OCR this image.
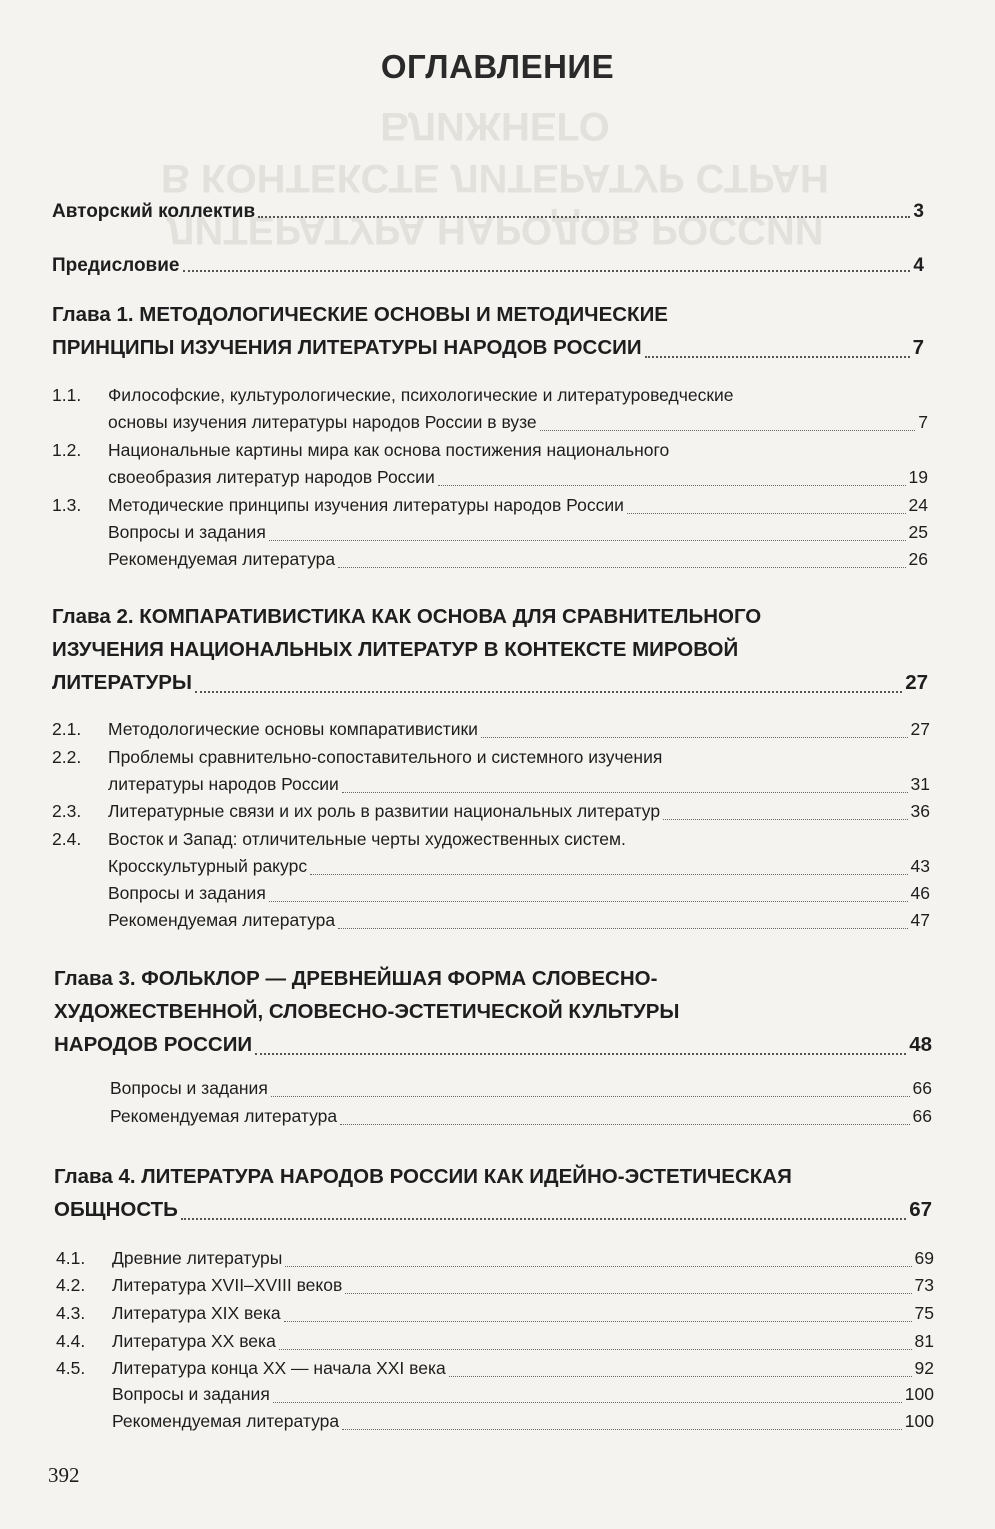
ЛИТЕРАТУРА НАРОДОВ РОССИИ
В КОНТЕКСТЕ ЛИТЕРАТУР СТРАН БЛИЖНЕГО
ОГЛАВЛЕНИЕ
Авторский коллектив	3
Предисловие	4
Глава 1. МЕТОДОЛОГИЧЕСКИЕ ОСНОВЫ И МЕТОДИЧЕСКИЕ
ПРИНЦИПЫ ИЗУЧЕНИЯ ЛИТЕРАТУРЫ НАРОДОВ РОССИИ	7
1.1. Философские, культурологические, психологические и литературоведческие
основы изучения литературы народов России в вузе	7
1.2. Национальные картины мира как основа постижения национального
своеобразия литератур народов России	19
1.3. Методические принципы изучения литературы народов России	24
Вопросы и задания	25
Рекомендуемая литература	26
Глава 2. КОМПАРАТИВИСТИКА КАК ОСНОВА ДЛЯ СРАВНИТЕЛЬНОГО
ИЗУЧЕНИЯ НАЦИОНАЛЬНЫХ ЛИТЕРАТУР В КОНТЕКСТЕ МИРОВОЙ
ЛИТЕРАТУРЫ	27
2.1. Методологические основы компаративистики	27
2.2. Проблемы сравнительно-сопоставительного и системного изучения
литературы народов России	31
2.3. Литературные связи и их роль в развитии национальных литератур	36
2.4. Восток и Запад: отличительные черты художественных систем.
Кросскультурный ракурс	43
Вопросы и задания	46
Рекомендуемая литература	47
Глава 3. ФОЛЬКЛОР — ДРЕВНЕЙШАЯ ФОРМА СЛОВЕСНО-
ХУДОЖЕСТВЕННОЙ, СЛОВЕСНО-ЭСТЕТИЧЕСКОЙ КУЛЬТУРЫ
НАРОДОВ РОССИИ	48
Вопросы и задания	66
Рекомендуемая литература	66
Глава 4. ЛИТЕРАТУРА НАРОДОВ РОССИИ КАК ИДЕЙНО-ЭСТЕТИЧЕСКАЯ
ОБЩНОСТЬ	67
4.1. Древние литературы	69
4.2. Литература XVII–XVIII веков	73
4.3. Литература XIX века	75
4.4. Литература XX века	81
4.5. Литература конца XX — начала XXI века	92
Вопросы и задания	100
Рекомендуемая литература	100
392
